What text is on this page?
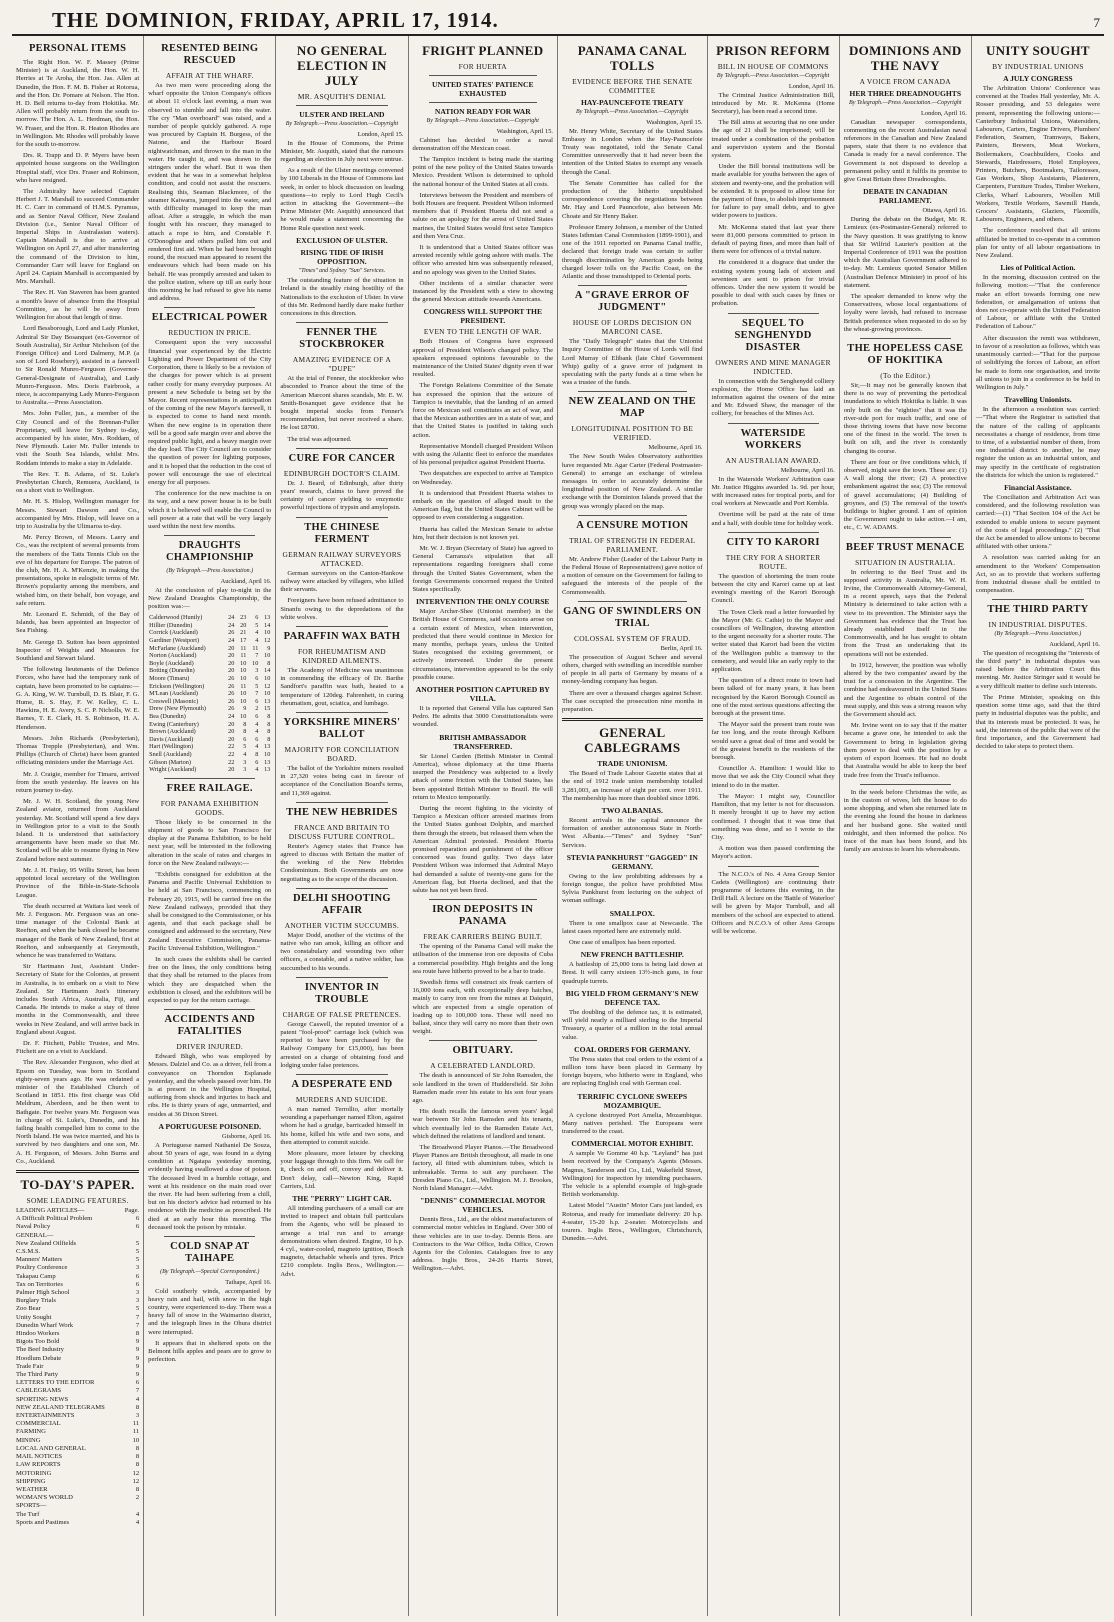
THE DOMINION, FRIDAY, APRIL 17, 1914.	7
PERSONAL ITEMS

The Right Hon. W. F. Massey (Prime Minister) is at Auckland, the Hon. W. H. Herries at Te Aroha, the Hon. Jas. Allen at Dunedin, the Hon. F. M. B. Fisher at Rotorua, and the Hon. Dr. Pomare at Nelson. The Hon. H. D. Bell returns to-day from Hokitika. Mr. Allen will probably return from the south to-morrow. The Hon. A. L. Herdman, the Hon. W. Fraser, and the Hon. R. Heaton Rhodes are in Wellington. Mr. Rhodes will probably leave for the south to-morrow.

Drs. R. Trapp and D. P. Myers have been appointed house surgeons on the Wellington Hospital staff, vice Drs. Fraser and Robinson, who have resigned.

The Admiralty have selected Captain Herbert J. T. Marshall to succeed Commander H. C. Carr in command of H.M.S. Pyramus, and as Senior Naval Officer, New Zealand Division (i.e., Senior Naval Officer of Imperial Ships in Australasian waters). Captain Marshall is due to arrive at Wellington on April 27, and after transferring the command of the Division to him, Commander Carr will leave for England on April 24. Captain Marshall is accompanied by Mrs. Marshall.

The Rev. H. Van Staveren has been granted a month's leave of absence from the Hospital Committee, as he will be away from Wellington for about that length of time.

Lord Bessborough, Lord and Lady Plunket, Admiral Sir Day Bosanquet (ex-Governor of South Australia), Sir Arthur Nicholson (of the Foreign Office) and Lord Dalmeny, M.P. (a son of Lord Rosebery), assisted in a farewell to Sir Ronald Munro-Ferguson (Governor-General-Designate of Australia), and Lady Munro-Ferguson. Mrs. Doris Fairbrook, a niece, is accompanying Lady Munro-Ferguson to Australia.—Press Association.

Mrs. John Fuller, jun., a member of the City Council and of the Brennan-Fuller Proprietary, will leave for Sydney to-day, accompanied by his sister, Mrs. Roddam, of New Plymouth. Later Mr. Fuller intends to visit the South Sea Islands, whilst Mrs. Roddam intends to make a stay in Adelaide.

The Rev. T. B. Adams, of St. Luke's Presbyterian Church, Remuera, Auckland, is on a short visit to Wellington.

Mr. H. S. Hislop, Wellington manager for Messrs. Stewart Dawson and Co., accompanied by Mrs. Hislop, will leave on a trip to Australia by the Ulimaroa to-day.

Mr. Percy Brown, of Messrs. Laery and Co., was the recipient of several presents from the members of the Tatts Tennis Club on the eve of his departure for Europe. The patron of the club, Mr. H. A. M'Kenzie, in making the presentations, spoke in eulogistic terms of Mr. Brown's popularity among the members, and wished him, on their behalf, bon voyage, and safe return.

Mr. Leonard E. Schmidt, of the Bay of Islands, has been appointed an Inspector of Sea Fishing.

Mr. George D. Sutton has been appointed Inspector of Weights and Measures for Southland and Stewart Island.

The following lieutenants of the Defence Forces, who have had the temporary rank of captain, have been promoted to be captains:—G. A. King, W. W. Turnbull, D. B. Blair, F. G. Hume, R. S. Hay, F. W. Kelley, C. L. Hawkins, H. E. Avery, S. C. P. Nicholls, W. E. Barnes, T. E. Clark, H. S. Robinson, H. A. Henderson.

Messrs. John Richards (Presbyterian), Thomas Trepple (Presbyterian), and Wm. Phillips (Church of Christ) have been granted officiating ministers under the Marriage Act.

Mr. J. Craigie, member for Timaru, arrived from the south yesterday. He leaves on his return journey to-day.

Mr. J. W. H. Scotland, the young New Zealand aviator, returned from Auckland yesterday. Mr. Scotland will spend a few days in Wellington prior to a visit to the South Island. It is understood that satisfactory arrangements have been made so that Mr. Scotland will be able to resume flying in New Zealand before next summer.

Mr. J. H. Finlay, 95 Willis Street, has been appointed local secretary of the Wellington Province of the Bible-in-State-Schools League.

The death occurred at Waitara last week of Mr. J. Ferguson. Mr. Ferguson was an one-time manager of the Colonial Bank at Reefton, and when the bank closed he became manager of the Bank of New Zealand, first at Reefton, and subsequently at Greymouth, whence he was transferred to Waitara.

Sir Hartmann Just, Assistant Under-Secretary of State for the Colonies, at present in Australia, is to embark on a visit to New Zealand. Sir Hartmann Just's itinerary includes South Africa, Australia, Fiji, and Canada. He intends to make a stay of three months in the Commonwealth, and three weeks in New Zealand, and will arrive back in England about August.

Dr. F. Fitchett, Public Trustee, and Mrs. Fitchett are on a visit to Auckland.

The Rev. Alexander Ferguson, who died at Epsom on Tuesday, was born in Scotland eighty-seven years ago. He was ordained a minister of the Established Church of Scotland in 1851. His first charge was Old Meldrum, Aberdeen, and he then went to Bathgate. For twelve years Mr. Ferguson was in charge of St. Luke's, Dunedin, and his failing health compelled him to come to the North Island. He was twice married, and his is survived by two daughters and one son, Mr. A. H. Ferguson, of Messrs. John Burns and Co., Auckland.

TO-DAY'S PAPER.
SOME LEADING FEATURES.
LEADING ARTICLES—	Page.
A Difficult Political Problem	6
Naval Policy	6
GENERAL—
New Zealand Oilfields	5
C.S.M.S.	5
Manners' Matters	5
Poultry Conference	3
Takapau Camp	6
Tax on Territories	6
Palmer High School	3
Burglary Trials	3
Zoo Bear	5
Unity Sought	7
Dunedin Wharf Work	7
Hindoo Workers	8
Bigots Too Bold	9
The Beef Industry	9
Hoodlum Debate	9
Trade Fair	9
The Third Party	9
LETTERS TO THE EDITOR	6
CABLEGRAMS	7
SPORTING NEWS	4
NEW ZEALAND TELEGRAMS	8
ENTERTAINMENTS	3
COMMERCIAL	11
FARMING	11
MINING	10
LOCAL AND GENERAL	8
MAIL NOTICES	8
LAW REPORTS	8
MOTORING	12
SHIPPING	12
WEATHER	8
WOMAN'S WORLD	2
SPORTS—
The Turf	4
Sports and Pastimes	4
RESENTED BEING RESCUED
AFFAIR AT THE WHARF.

As two men were proceeding along the wharf opposite the Union Company's offices at about 11 o'clock last evening, a man was observed to stumble and fall into the water. The cry "Man overboard" was raised, and a number of people quickly gathered. A rope was procured by Captain H. Burgess, of the Natone, and the Harbour Board nightwatchman, and thrown to the man in the water. He caught it, and was drawn to the stringers under the wharf. But it was then evident that he was in a somewhat helpless condition, and could not assist the rescuers. Realising this, Seaman Blackmore, of the steamer Kaiwarra, jumped into the water, and with difficulty managed to keep the man afloat. After a struggle, in which the man fought with his rescuer, they managed to attach a rope to him, and Constable F. O'Donoghue and others pulled him out and rendered first aid. When he had been brought round, the rescued man appeared to resent the endeavours which had been made on his behalf. He was promptly arrested and taken to the police station, where up till an early hour this morning he had refused to give his name and address.

ELECTRICAL POWER
REDUCTION IN PRICE.

Consequent upon the very successful financial year experienced by the Electric Lighting and Power Department of the City Corporation, there is likely to be a revision of the charges for power which is at present rather costly for many everyday purposes. At present a new Schedule is being set by the Mayor. Recent representations in anticipation of the coming of the new Mayor's farewell, it is expected to come to hand next month. When the new engine is in operation there will be a good safe margin over and above the required public light, and a heavy margin over the day load. The City Council are to consider the question of power for lighting purposes, and it is hoped that the reduction in the cost of power will encourage the use of electrical energy for all purposes.

The conference for the new machine is on its way, and a new power house is to be built which it is believed will enable the Council to sell power at a rate that will be very largely used within the next few months.

DRAUGHTS CHAMPIONSHIP
(By Telegraph.—Press Association.)
Auckland, April 16.

At the conclusion of play to-night in the New Zealand Draughts Championship, the position was:—

Calderwood (Huntly)	24	23	6	13
Hillier (Dunedin)	24	20	5	14
Corrick (Auckland)	26	21	4	10
Gardiner (Westport)	24	17	4	12
McFarlane (Auckland)	20	11	11	9
Norton (Auckland)	20	11	7	10
Boyle (Auckland)	20	10	10	8
Botting (Dunedin)	20	10	3	14
Moore (Timaru)	26	10	6	10
Erickson (Wellington)	26	11	5	12
M'Lean (Auckland)	26	10	7	10
Creswell (Masonic)	26	10	6	13
Drew (New Plymouth)	26	9	2	15
Bea (Dunedin)	24	10	6	8
Ewing (Canterbury)	20	8	4	8
Brown (Auckland)	20	8	4	8
Davis (Auckland)	20	6	6	8
Hart (Wellington)	22	5	4	13
Snell (Auckland)	22	4	8	10
Gibson (Marton)	22	3	6	13
Wright (Auckland)	20	3	4	13
FREE RAILAGE.
FOR PANAMA EXHIBITION GOODS.

Those likely to be concerned in the shipment of goods to San Francisco for display at the Panama Exhibition, to be held next year, will be interested in the following alteration in the scale of rates and charges in force on the New Zealand railways:—

"Exhibits consigned for exhibition at the Panama and Pacific Universal Exhibition to be held at San Francisco, commencing on February 20, 1915, will be carried free on the New Zealand railways, provided that they shall be consigned to the Commissioner, or his agents, and that each package shall be consigned and addressed to the secretary, New Zealand Executive Commission, Panama-Pacific Universal Exhibition, Wellington."

In such cases the exhibits shall be carried free on the lines, the only conditions being that they shall be returned to the places from which they are despatched when the exhibition is closed, and the exhibitors will be expected to pay for the return carriage.

ACCIDENTS AND FATALITIES
DRIVER INJURED.

Edward Bligh, who was employed by Messrs. Dalziel and Co. as a driver, fell from a conveyance on Thorndon Esplanade yesterday, and the wheels passed over him. He is at present in the Wellington Hospital, suffering from shock and injuries to back and ribs. He is thirty years of age, unmarried, and resides at 36 Dixon Street.

A PORTUGUESE POISONED.
Gisborne, April 16.

A Portuguese named Nathaniel De Souza, about 50 years of age, was found in a dying condition at Ngatapa yesterday morning, evidently having swallowed a dose of poison. The deceased lived in a humble cottage, and went at his residence on the main road over the river. He had been suffering from a chill, but on his doctor's advice had returned to his residence with the medicine as prescribed. He died at an early hour this morning. The deceased took the poison by mistake.

COLD SNAP AT TAIHAPE
(By Telegraph.—Special Correspondent.)
Taihape, April 16.

Cold southerly winds, accompanied by heavy rain and hail, with snow in the high country, were experienced to-day. There was a heavy fall of snow in the Waimarino district, and the telegraph lines in the Ohura district were interrupted.

It appears that in sheltered spots on the Belmont hills apples and pears are to grow to perfection.

NO GENERAL ELECTION IN JULY
MR. ASQUITH'S DENIAL
ULSTER AND IRELAND
By Telegraph.—Press Association.—Copyright
London, April 15.

In the House of Commons, the Prime Minister, Mr. Asquith, stated that the rumours regarding an election in July next were untrue.

As a result of the Ulster meetings convened by 100 Liberals in the House of Commons last week, in order to block discussion on leading questions—to reply to Lord Hugh Cecil's action in attacking the Government—the Prime Minister (Mr. Asquith) announced that he would make a statement concerning the Home Rule question next week.

EXCLUSION OF ULSTER.
RISING TIDE OF IRISH OPPOSITION.
"Times" and Sydney "Sun" Services.

The outstanding feature of the situation in Ireland is the steadily rising hostility of the Nationalists to the exclusion of Ulster. In view of this Mr. Redmond hardly dare make further concessions in this direction.

FENNER THE STOCKBROKER
AMAZING EVIDENCE OF A "DUPE"

At the trial of Fenner, the stockbroker who absconded to France about the time of the American Marconi shares scandals, Mr. E. W. Smith-Bosanquet gave evidence that he bought imperial stocks from Fenner's recommendation, but never received a share. He lost £8700.

The trial was adjourned.

CURE FOR CANCER
EDINBURGH DOCTOR'S CLAIM.

Dr. J. Beard, of Edinburgh, after thirty years' research, claims to have proved the certainty of cancer yielding to enzymotic powerful injections of trypsin and amylopsin.

THE CHINESE FERMENT
GERMAN RAILWAY SURVEYORS ATTACKED.

German surveyors on the Canton-Hankow railway were attacked by villagers, who killed their servants.

Foreigners have been refused admittance to Sinanfu owing to the depredations of the white wolves.

PARAFFIN WAX BATH
FOR RHEUMATISM AND KINDRED AILMENTS.

The Academy of Medicine was unanimous in commending the efficacy of Dr. Barthe Sandfort's paraffin wax bath, heated to a temperature of 120deg. Fahrenheit, in curing rheumatism, gout, sciatica, and lumbago.

YORKSHIRE MINERS' BALLOT
MAJORITY FOR CONCILIATION BOARD.

The ballot of the Yorkshire miners resulted in 27,320 votes being cast in favour of acceptance of the Conciliation Board's terms, and 11,369 against.

THE NEW HEBRIDES
FRANCE AND BRITAIN TO DISCUSS FUTURE CONTROL.

Reuter's Agency states that France has agreed to discuss with Britain the matter of the working of the New Hebrides Condominium. Both Governments are now negotiating as to the scope of the discussion.

DELHI SHOOTING AFFAIR
ANOTHER VICTIM SUCCUMBS.

Major Dodd, another of the victims of the native who ran amok, killing an officer and two constabulary and wounding two other officers, a constable, and a native soldier, has succumbed to his wounds.

INVENTOR IN TROUBLE
CHARGE OF FALSE PRETENCES.

George Caswell, the reputed inventor of a patent "fool-proof" carriage lock (which was reported to have been purchased by the Railway Company for £15,000), has been arrested on a charge of obtaining food and lodging under false pretences.

A DESPERATE END
MURDERS AND SUICIDE.

A man named Terrollio, after mortally wounding a paperhanger named Elion, against whom he had a grudge, barricaded himself in his home, killed his wife and two sons, and then attempted to commit suicide.

More pleasure, more leisure by checking your luggage through to this firm. We call for it, check on and off, convey and deliver it. Don't delay, call—Newton King, Rapid Carriers, Ltd.

THE "PERRY" LIGHT CAR.

All intending purchasers of a small car are invited to inspect and obtain full particulars from the Agents, who will be pleased to arrange a trial run and to arrange demonstrations when desired. Engine, 10 h.p. 4 cyl., water-cooled, magneto ignition, Bosch magneto, detachable wheels and tyres. Price £210 complete. Inglis Bros., Wellington.—Advt.

FRIGHT PLANNED
FOR HUERTA
UNITED STATES' PATIENCE EXHAUSTED
NATION READY FOR WAR
By Telegraph.—Press Association.—Copyright
Washington, April 15.

Cabinet has decided to order a naval demonstration off the Mexican coast.

The Tampico incident is being made the starting point of the new policy of the United States towards Mexico. President Wilson is determined to uphold the national honour of the United States at all costs.

Interviews between the President and members of both Houses are frequent. President Wilson informed members that if President Huerta did not send a salute on an apology for the arrest of United States marines, the United States would first seize Tampico and then Vera Cruz.

It is understood that a United States officer was arrested recently while going ashore with mails. The officer who arrested him was subsequently released, and no apology was given to the United States.

Other incidents of a similar character were instanced by the President with a view to showing the general Mexican attitude towards Americans.

CONGRESS WILL SUPPORT THE PRESIDENT.
EVEN TO THE LENGTH OF WAR.

Both Houses of Congress have expressed approval of President Wilson's changed policy. The speakers expressed opinions favourable to the maintenance of the United States' dignity even if war resulted.

The Foreign Relations Committee of the Senate has expressed the opinion that the seizure of Tampico is inevitable, that the landing of an armed force on Mexican soil constitutes an act of war, and that the Mexican authorities are in a state of war, and that the United States is justified in taking such action.

Representative Mondell charged President Wilson with using the Atlantic fleet to enforce the mandates of his personal prejudice against President Huerta.

Two despatches are expected to arrive at Tampico on Wednesday.

It is understood that President Huerta wishes to embark on the question of alleged insult to the American flag, but the United States Cabinet will be opposed to even considering a suggestion.

Huerta has called the Mexican Senate to advise him, but their decision is not known yet.

Mr. W. J. Bryan (Secretary of State) has agreed to General Carranza's stipulation that all representations regarding foreigners shall come through the United States Government, when the foreign Governments concerned request the United States specifically.

INTERVENTION THE ONLY COURSE

Major Archer-Shee (Unionist member) in the British House of Commons, said occasions arose on a certain extent of Mexico, when intervention, predicted that there would continue in Mexico for many months, perhaps years, unless the United States recognised the existing government, or actively intervened. Under the present circumstances, intervention appeared to be the only possible course.

ANOTHER POSITION CAPTURED BY VILLA.

It is reported that General Villa has captured San Pedro. He admits that 3000 Constitutionalists were wounded.

BRITISH AMBASSADOR TRANSFERRED.

Sir Lionel Carden (British Minister in Central America), whose diplomacy at the time Huerta usurped the Presidency was subjected to a lively attack of some friction with the United States, has been appointed British Minister to Brazil. He will return to Mexico temporarily.

During the recent fighting in the vicinity of Tampico a Mexican officer arrested marines from the United States gunboat Dolphin, and marched them through the streets, but released them when the American Admiral protested. President Huerta promised reparation and punishment of the officer concerned was found guilty. Two days later President Wilson was informed that Admiral Mayo had demanded a salute of twenty-one guns for the American flag, but Huerta declined, and that the salute has not yet been fired.

IRON DEPOSITS IN PANAMA
FREAK CARRIERS BEING BUILT.

The opening of the Panama Canal will make the utilisation of the immense iron ore deposits of Cuba a commercial possibility. High freights and the long sea route have hitherto proved to be a bar to trade.

Swedish firms will construct six freak carriers of 16,000 tons each, with exceptionally deep hatches, mainly to carry iron ore from the mines at Daiquiri, which are expected from a single operation of loading up to 100,000 tons. These will need no ballast, since they will carry no more than their own weight.

OBITUARY.
A CELEBRATED LANDLORD.

The death is announced of Sir John Ramsden, the sole landlord in the town of Huddersfield. Sir John Ramsden made over his estate to his son four years ago.

His death recalls the famous seven years' legal war between Sir John Ramsden and his tenants, which eventually led to the Ramsden Estate Act, which defined the relations of landlord and tenant.

The Broadwood Player Pianos.—The Broadwood Player Pianos are British throughout, all made in one factory, all fitted with aluminium tubes, which is unbreakable. Terms to suit any purchaser. The Dresden Piano Co., Ltd., Wellington. M. J. Brookes, North Island Manager.—Advt.

"DENNIS" COMMERCIAL MOTOR VEHICLES.

Dennis Bros., Ltd., are the oldest manufacturers of commercial motor vehicles in England. Over 300 of these vehicles are in use to-day. Dennis Bros. are Contractors to the War Office, India Office, Crown Agents for the Colonies. Catalogues free to any address. Inglis Bros., 24-26 Harris Street, Wellington.—Advt.

PANAMA CANAL TOLLS
EVIDENCE BEFORE THE SENATE COMMITTEE
HAY-PAUNCEFOTE TREATY
By Telegraph.—Press Association.—Copyright
Washington, April 15.

Mr. Henry White, Secretary of the United States Embassy in London when the Hay-Pauncefote Treaty was negotiated, told the Senate Canal Committee unreservedly that it had never been the intention of the United States to exempt any vessels through the Canal.

The Senate Committee has called for the production of the hitherto unpublished correspondence covering the negotiations between Mr. Hay and Lord Pauncefote, also between Mr. Choate and Sir Henry Baker.

Professor Emery Johnson, a member of the United States Isthmian Canal Commission (1899-1901), and one of the 1911 reported on Panama Canal traffic, declared that foreign trade was certain to suffer through discrimination by American goods being charged lower tolls on the Pacific Coast, on the Atlantic and those transshipped to Oriental ports.

A "GRAVE ERROR OF JUDGMENT"
HOUSE OF LORDS DECISION ON MARCONI CASE.

The "Daily Telegraph" states that the Unionist Inquiry Committee of the House of Lords will find Lord Murray of Elibank (late Chief Government Whip) guilty of a grave error of judgment in speculating with the party funds at a time when he was a trustee of the funds.

NEW ZEALAND ON THE MAP
LONGITUDINAL POSITION TO BE VERIFIED.
Melbourne, April 16.

The New South Wales Observatory authorities have requested Mr. Agar Carter (Federal Postmaster-General) to arrange an exchange of wireless messages in order to accurately determine the longitudinal position of New Zealand. A similar exchange with the Dominion Islands proved that the group was wrongly placed on the map.

A CENSURE MOTION
TRIAL OF STRENGTH IN FEDERAL PARLIAMENT.

Mr. Andrew Fisher (Leader of the Labour Party in the Federal House of Representatives) gave notice of a motion of censure on the Government for failing to safeguard the interests of the people of the Commonwealth.

GANG OF SWINDLERS ON TRIAL
COLOSSAL SYSTEM OF FRAUD.
Berlin, April 16.

The prosecution of August Scheer and several others, charged with swindling an incredible number of people in all parts of Germany by means of a money-lending company has begun.

There are over a thousand charges against Scheer. The case occupied the prosecution nine months in preparation.

GENERAL CABLEGRAMS
TRADE UNIONISM.

The Board of Trade Labour Gazette states that at the end of 1912 trade union membership totalled 3,281,003, an increase of eight per cent. over 1911. The membership has more than doubled since 1896.

TWO ALBANIAS.

Recent arrivals in the capital announce the formation of another autonomous State in North-West Albania.—"Times" and Sydney "Sun" Services.

STEVIA PANKHURST "GAGGED" IN GERMANY.

Owing to the law prohibiting addresses by a foreign tongue, the police have prohibited Miss Sylvia Pankhurst from lecturing on the subject of woman suffrage.

SMALLPOX.

There is one smallpox case at Newcastle. The latest cases reported here are extremely mild.

One case of smallpox has been reported.

NEW FRENCH BATTLESHIP.

A battleship of 25,000 tons is being laid down at Brest. It will carry sixteen 13½-inch guns, in four quadruple turrets.

BIG YIELD FROM GERMANY'S NEW DEFENCE TAX.

The doubling of the defence tax, it is estimated, will yield nearly a milliard sterling to the Imperial Treasury, a quarter of a million in the total annual value.

COAL ORDERS FOR GERMANY.

The Press states that coal orders to the extent of a million tons have been placed in Germany by foreign buyers, who hitherto were in England, who are replacing English coal with German coal.

TERRIFIC CYCLONE SWEEPS MOZAMBIQUE.

A cyclone destroyed Port Amelia, Mozambique. Many natives perished. The Europeans were transferred to the coast.

COMMERCIAL MOTOR EXHIBIT.

A sample Ve Gomme 40 h.p. "Leyland" has just been received by the Company's Agents (Messrs. Magnus, Sanderson and Co., Ltd., Wakefield Street, Wellington) for inspection by intending purchasers. The vehicle is a splendid example of high-grade British workmanship.

Latest Model "Austin" Motor Cars just landed, ex Rotorua, and ready for immediate delivery: 20 h.p. 4-seater, 15-20 h.p. 2-seater. Motorcyclists and tourers. Inglis Bros., Wellington, Christchurch, Dunedin.—Advt.

PRISON REFORM
BILL IN HOUSE OF COMMONS
By Telegraph.—Press Association.—Copyright
London, April 16.

The Criminal Justice Administration Bill, introduced by Mr. R. McKenna (Home Secretary), has been read a second time.

The Bill aims at securing that no one under the age of 21 shall be imprisoned; will be treated under a combination of the probation and supervision system and the Borstal system.

Under the Bill borstal institutions will be made available for youths between the ages of sixteen and twenty-one, and the probation will be extended. It is proposed to allow time for the payment of fines, to abolish imprisonment for failure to pay small debts, and to give wider powers to justices.

Mr. McKenna stated that last year there were 81,000 persons committed to prison in default of paying fines, and more than half of them were for offences of a trivial nature.

He considered it a disgrace that under the existing system young lads of sixteen and seventeen are sent to prison for trivial offences. Under the new system it would be possible to deal with such cases by fines or probation.

SEQUEL TO SENGHENYDD DISASTER
OWNERS AND MINE MANAGER INDICTED.

In connection with the Senghenydd colliery explosion, the Home Office has laid an information against the owners of the mine and Mr. Edward Shaw, the manager of the colliery, for breaches of the Mines Act.

WATERSIDE WORKERS
AN AUSTRALIAN AWARD.
Melbourne, April 16.

In the Waterside Workers' Arbitration case Mr. Justice Higgins awarded 1s. 9d. per hour, with increased rates for tropical ports, and for coal workers at Newcastle and Port Kembla.

Overtime will be paid at the rate of time and a half, with double time for holiday work.

CITY TO KARORI
THE CRY FOR A SHORTER ROUTE.

The question of shortening the tram route between the city and Karori came up at last evening's meeting of the Karori Borough Council.

The Town Clerk read a letter forwarded by the Mayor (Mr. G. Cathie) to the Mayor and councillors of Wellington, drawing attention to the urgent necessity for a shorter route. The writer stated that Karori had been the victim of the Wellington public a tramway to the cemetery, and would like an early reply to the application.

The question of a direct route to town had been talked of for many years, it has been recognised by the Karori Borough Council as one of the most serious questions affecting the borough at the present time.

The Mayor said the present tram route was far too long, and the route through Kelburn would save a great deal of time and would be of the greatest benefit to the residents of the borough.

Councillor A. Hamilton: I would like to move that we ask the City Council what they intend to do in the matter.

The Mayor: I might say, Councillor Hamilton, that my letter is not for discussion. It merely brought it up to have my action confirmed. I thought that it was time that something was done, and so I wrote to the City.

A motion was then passed confirming the Mayor's action.

The N.C.O.'s of No. 4 Area Group Senior Cadets (Wellington) are continuing their programme of lectures this evening, in the Drill Hall. A lecture on the 'Battle of Waterloo' will be given by Major Turnbull, and all members of the school are expected to attend. Officers and N.C.O.'s of other Area Groups will be welcome.

DOMINIONS AND THE NAVY
A VOICE FROM CANADA
HER THREE DREADNOUGHTS
By Telegraph.—Press Association.—Copyright
London, April 16.

Canadian newspaper correspondents, commenting on the recent Australasian naval references in the Canadian and New Zealand papers, state that there is no evidence that Canada is ready for a naval conference. The Government is not disposed to develop a permanent policy until it fulfils its promise to give Great Britain three Dreadnoughts.

DEBATE IN CANADIAN PARLIAMENT.
Ottawa, April 16.

During the debate on the Budget, Mr. R. Lemieux (ex-Postmaster-General) referred to the Navy question. It was gratifying to know that Sir Wilfrid Laurier's position at the Imperial Conference of 1911 was the position which the Australian Government adhered to to-day. Mr. Lemieux quoted Senator Millen (Australian Defence Minister) in proof of his statement.

The speaker demanded to know why the Conservatives, whose local organisations of loyalty were lavish, had refused to increase British preference when requested to do so by the wheat-growing provinces.

THE HOPELESS CASE OF HOKITIKA
(To the Editor.)

Sir,—It may not be generally known that there is no way of preventing the periodical inundations to which Hokitika is liable. It was only built on the "eighties" that it was the river-side port for much traffic, and one of those thriving towns that have now become one of the finest in the world. The town is built on silt, and the river is constantly changing its course.

There are four or five conditions which, if observed, might save the town. These are: (1) A wall along the river; (2) A protective embankment against the sea; (3) The removal of gravel accumulations; (4) Building of groynes, and (5) The removal of the town's buildings to higher ground. I am of opinion the Government ought to take action.—I am, etc., C. W. ADAMS.

BEEF TRUST MENACE
SITUATION IN AUSTRALIA.

In referring to the Beef Trust and its supposed activity in Australia, Mr. W. H. Irvine, the Commonwealth Attorney-General, in a recent speech, says that the Federal Ministry is determined to take action with a view to its prevention. The Minister says the Government has evidence that the Trust has already established itself in the Commonwealth, and he has sought to obtain from the Trust an undertaking that its operations will not be extended.

In 1912, however, the position was wholly altered by the two companies' award by the trust for a concession in the Argentine. The combine had endeavoured in the United States and the Argentine to obtain control of the meat supply, and this was a strong reason why the Government should act.

Mr. Irvine went on to say that if the matter became a grave one, he intended to ask the Government to bring in legislation giving them power to deal with the position by a system of export licenses. He had no doubt that Australia would be able to keep the beef trade free from the Trust's influence.

In the week before Christmas the wife, as in the custom of wives, left the house to do some shopping, and when she returned late in the evening she found the house in darkness and her husband gone. She waited until midnight, and then informed the police. No trace of the man has been found, and his family are anxious to learn his whereabouts.

UNITY SOUGHT
BY INDUSTRIAL UNIONS
A JULY CONGRESS

The Arbitration Unions' Conference was convened at the Trades Hall yesterday, Mr. A. Rosser presiding, and 53 delegates were present, representing the following unions:—Canterbury Industrial Unions, Watersiders, Labourers, Carters, Engine Drivers, Plumbers' Federation, Seamen, Tramways, Bakers, Painters, Brewers, Meat Workers, Boilermakers, Coachbuilders, Cooks and Stewards, Hairdressers, Hotel Employees, Printers, Butchers, Bootmakers, Tailoresses, Gas Workers, Shop Assistants, Plasterers, Carpenters, Furniture Trades, Timber Workers, Clerks, Wharf Labourers, Woollen Mill Workers, Textile Workers, Sawmill Hands, Grocers' Assistants, Glaziers, Flaxmills, Labourers, Engineers, and others.

The conference resolved that all unions affiliated be invited to co-operate in a common plan for unity of all labour organisations in New Zealand.

Lies of Political Action.

In the morning, discussion centred on the following motion:—"That the conference make an effort towards forming one new federation, or amalgamation of unions that does not co-operate with the United Federation of Labour, or affiliate with the United Federation of Labour."

After discussion the remit was withdrawn, in favour of a resolution as follows, which was unanimously carried:—"That for the purpose of solidifying the forces of Labour, an effort be made to form one organisation, and invite all unions to join in a conference to be held in Wellington in July."

Travelling Unionists.

In the afternoon a resolution was carried:—"That where the Registrar is satisfied that the nature of the calling of applicants necessitates a change of residence, from time to time, of a substantial number of them, from one industrial district to another, he may register the union as an industrial union, and may specify in the certificate of registration the districts for which the union is registered."

Financial Assistance.

The Conciliation and Arbitration Act was considered, and the following resolution was carried:—(1) "That Section 104 of the Act be extended to enable unions to secure payment of the costs of legal proceedings." (2) "That the Act be amended to allow unions to become affiliated with other unions."

A resolution was carried asking for an amendment to the Workers' Compensation Act, so as to provide that workers suffering from industrial disease shall be entitled to compensation.

THE THIRD PARTY
IN INDUSTRIAL DISPUTES.
(By Telegraph.—Press Association.)
Auckland, April 16.

The question of recognising the "interests of the third party" in industrial disputes was raised before the Arbitration Court this morning. Mr. Justice Stringer said it would be a very difficult matter to define such interests.

The Prime Minister, speaking on this question some time ago, said that the third party in industrial disputes was the public, and that its interests must be protected. It was, he said, the interests of the public that were of the first importance, and the Government had decided to take steps to protect them.
